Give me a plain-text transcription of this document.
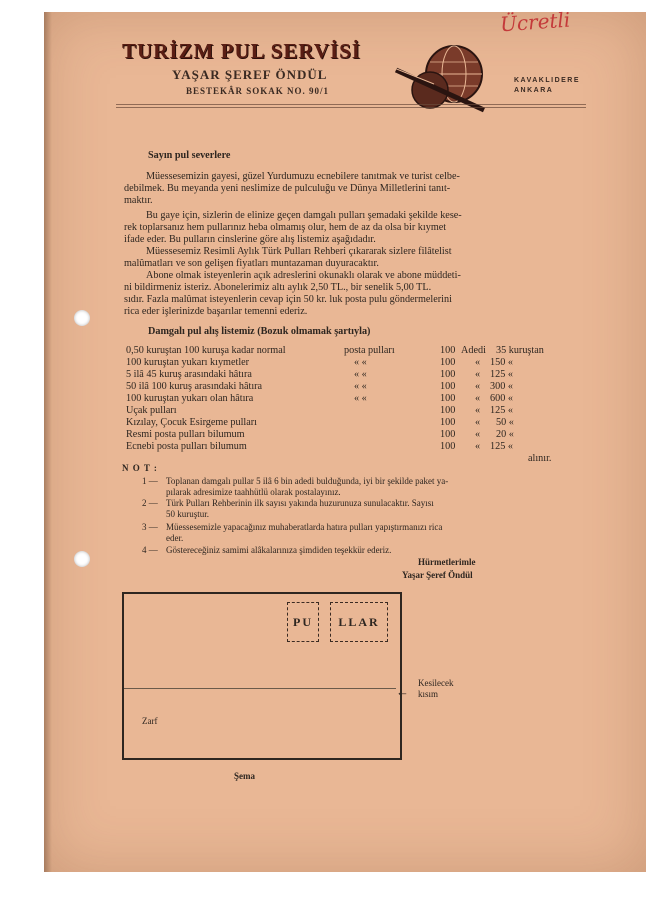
TURİZM PUL SERVİSİ
YAŞAR ŞEREF ÖNDÜL
BESTEKÂR SOKAK NO. 90/1
KAVAKLIDERE
ANKARA
Ücretli
Sayın pul severlere
Müessesemizin gayesi, güzel Yurdumuzu ecnebilere tanıtmak ve turist celbe-
debilmek. Bu meyanda yeni neslimize de pulculuğu ve Dünya Milletlerini tanıt-
maktır.
Bu gaye için, sizlerin de elinize geçen damgalı pulları şemadaki şekilde kese-
rek toplarsanız hem pullarınız heba olmamış olur, hem de az da olsa bir kıymet
ifade eder. Bu pulların cinslerine göre alış listemiz aşağıdadır.
Müessesemiz Resimli Aylık Türk Pulları Rehberi çıkararak sizlere filâtelist
malûmatları ve son gelişen fiyatları muntazaman duyuracaktır.
Abone olmak isteyenlerin açık adreslerini okunaklı olarak ve abone müddeti-
ni bildirmeniz isteriz. Abonelerimiz altı aylık 2,50 TL., bir senelik 5,00 TL.
sıdır. Fazla malûmat isteyenlerin cevap için 50 kr. luk posta pulu göndermelerini
rica eder işlerinizde başarılar temenni ederiz.
Damgalı pul alış listemiz (Bozuk olmamak şartıyla)
0,50 kuruştan 100 kuruşa kadar normal	posta pulları	100 Adedi 35 kuruştan
100 kuruştan yukarı kıymetler	« «	100 « 150 «
5 ilâ 45 kuruş arasındaki hâtıra	« «	100 « 125 «
50 ilâ 100 kuruş arasındaki hâtıra	« «	100 « 300 «
100 kuruştan yukarı olan hâtıra	« «	100 « 600 «
Uçak pulları	100 « 125 «
Kızılay, Çocuk Esirgeme pulları	100 « 50 «
Resmi posta pulları bilumum	100 « 20 «
Ecnebi posta pulları bilumum	100 « 125 «
alınır.
N O T :
1 — Toplanan damgalı pullar 5 ilâ 6 bin adedi bulduğunda, iyi bir şekilde paket ya-
pılarak adresimize taahhütlü olarak postalayınız.
2 — Türk Pulları Rehberinin ilk sayısı yakında huzurunuza sunulacaktır. Sayısı
50 kuruştur.
3 — Müessesemizle yapacağınız muhaberatlarda hatıra pulları yapıştırmanızı rica
eder.
4 — Göstereceğiniz samimi alâkalarınıza şimdiden teşekkür ederiz.
Hürmetlerimle
Yaşar Şeref Öndül
PU	LLAR
←
Kesilecek
kısım
Zarf
Şema
